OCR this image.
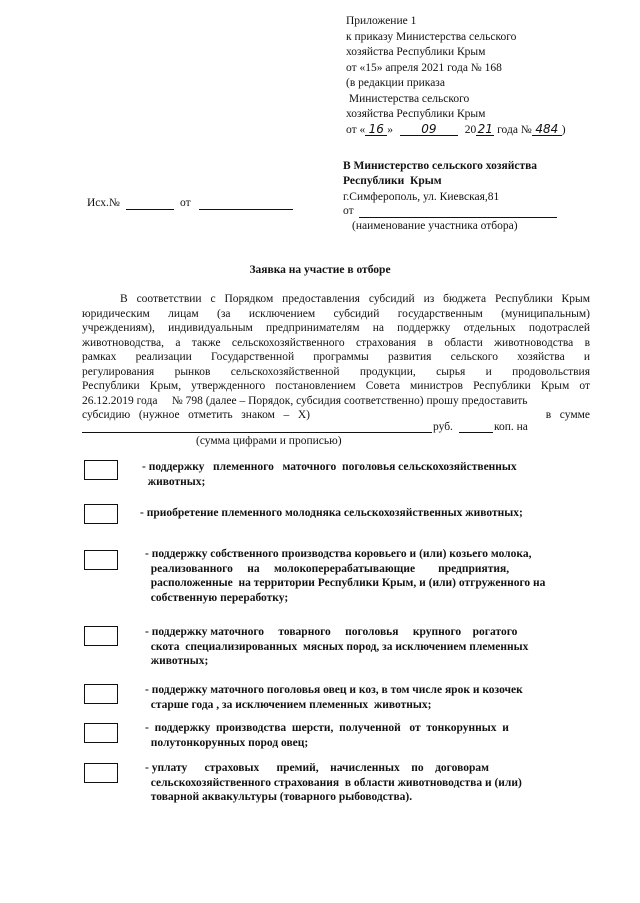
Приложение 1
к приказу Министерства сельского
хозяйства Республики Крым
от «15» апреля 2021 года № 168
(в редакции приказа
Министерства сельского
хозяйства Республики Крым
от « 16 » 09 2021 года № 484 )
В Министерство сельского хозяйства
Республики  Крым
г.Симферополь, ул. Киевская,81
от
(наименование участника отбора)
Исх.№	от
Заявка на участие в отборе
В соответствии с Порядком предоставления субсидий из бюджета Республики Крым
юридическим лицам (за исключением субсидий государственным (муниципальным)
учреждениям), индивидуальным предпринимателям на поддержку отдельных подотраслей
животноводства, а также сельскохозяйственного страхования в области животноводства в
рамках реализации Государственной программы развития сельского хозяйства и
регулирования рынков сельскохозяйственной продукции, сырья и продовольствия
Республики Крым, утвержденного постановлением Совета министров Республики Крым от
26.12.2019 года     № 798 (далее – Порядок, субсидия соответственно) прошу предоставить
субсидию   (нужное   отметить   знаком   –   Х)	в   сумме
руб.	коп. на
(сумма цифрами и прописью)
- поддержку   племенного   маточного  поголовья сельскохозяйственных
животных;
- приобретение племенного молодняка сельскохозяйственных животных;
- поддержку собственного производства коровьего и (или) козьего молока,
реализованного     на     молокоперерабатывающие        предприятия,
расположенные  на территории Республики Крым, и (или) отгруженного на
собственную переработку;
- поддержку маточного     товарного     поголовья     крупного    рогатого
скота  специализированных  мясных пород, за исключением племенных
животных;
- поддержку маточного поголовья овец и коз, в том числе ярок и козочек
старше года , за исключением племенных  животных;
-  поддержку  производства  шерсти,  полученной   от  тонкорунных  и
полутонкорунных пород овец;
- уплату      страховых      премий,    начисленных    по    договорам
сельскохозяйственного страхования  в области животноводства и (или)
товарной аквакультуры (товарного рыбоводства).
